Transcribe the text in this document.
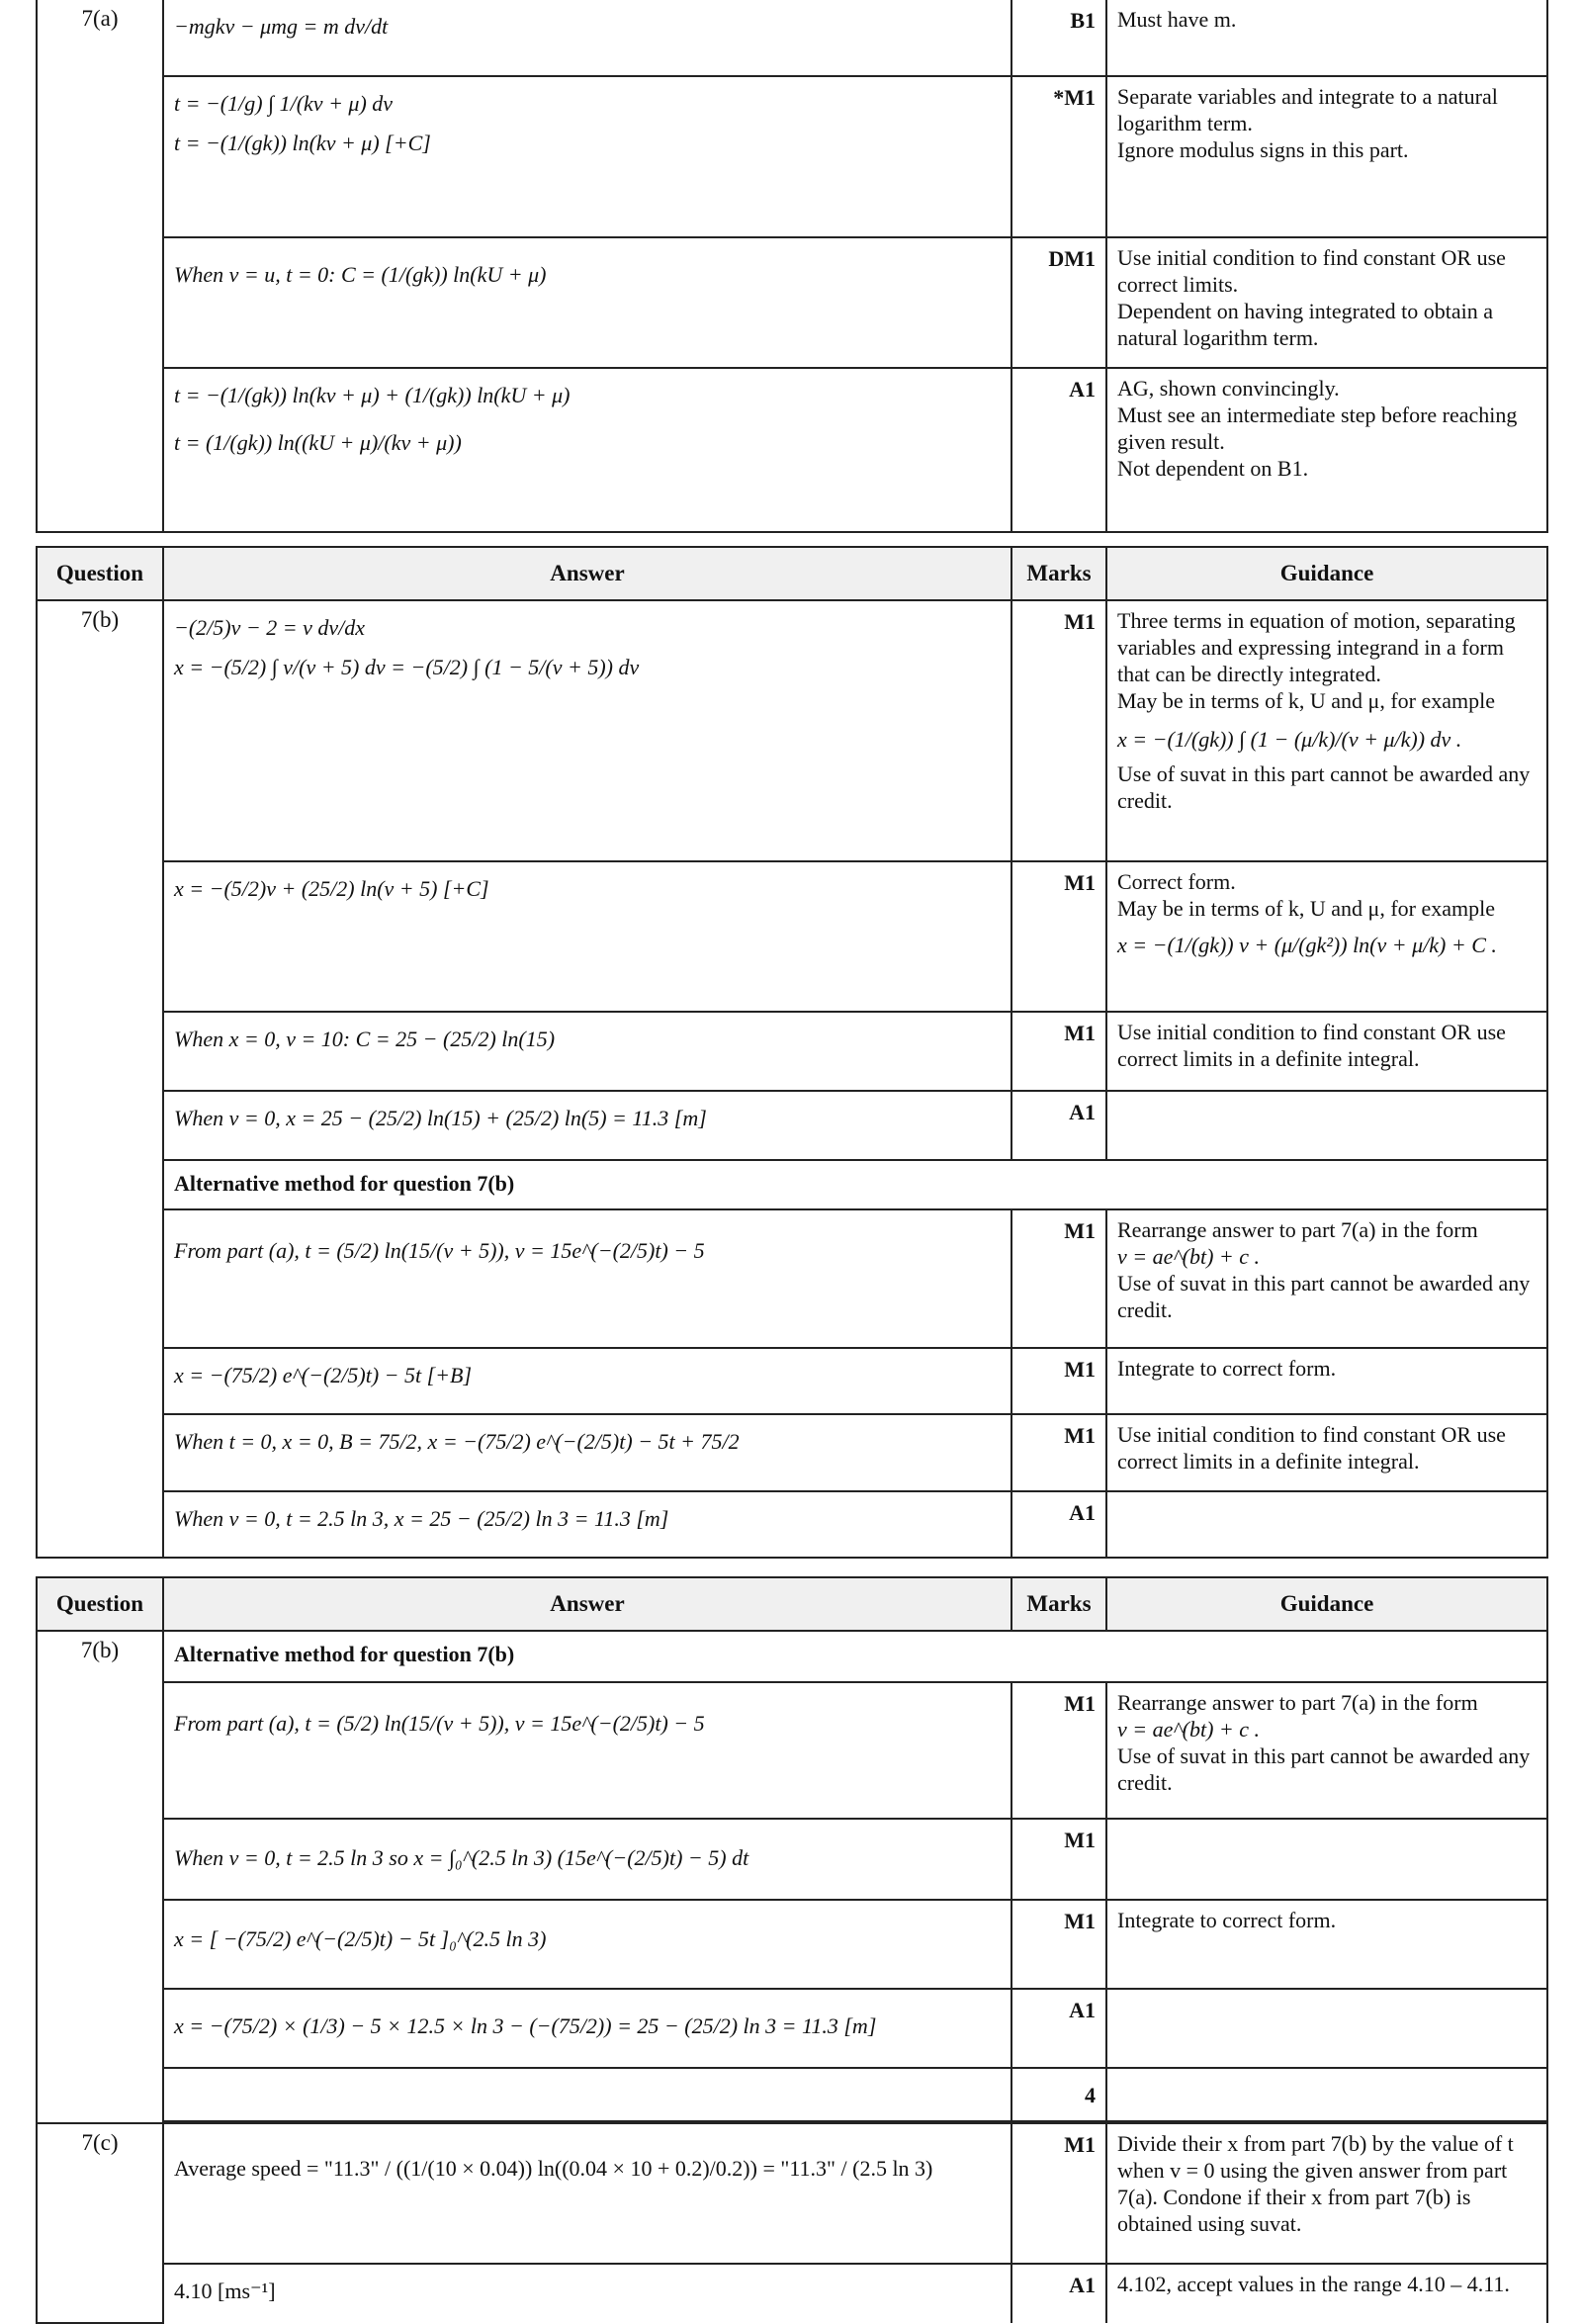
7(a)	−mgkv − μmg = m dv/dt	B1	Must have m.

	t = −(1/g) ∫ 1/(kv + μ) dv
t = −(1/(gk)) ln(kv + μ) [+C]	*M1	Separate variables and integrate to a natural logarithm term.
Ignore modulus signs in this part.

	When v = u, t = 0: C = (1/(gk)) ln(kU + μ)	DM1	Use initial condition to find constant OR use correct limits.
Dependent on having integrated to obtain a natural logarithm term.

	t = −(1/(gk)) ln(kv + μ) + (1/(gk)) ln(kU + μ)
t = (1/(gk)) ln((kU + μ)/(kv + μ))	A1	AG, shown convincingly.
Must see an intermediate step before reaching given result.
Not dependent on B1.
Question	Answer	Marks	Guidance
7(b)	−(2/5)v − 2 = v dv/dx
x = −(5/2) ∫ v/(v + 5) dv = −(5/2) ∫ (1 − 5/(v + 5)) dv	M1	Three terms in equation of motion, separating variables and expressing integrand in a form that can be directly integrated.
May be in terms of k, U and μ, for example
x = −(1/(gk)) ∫ (1 − (μ/k)/(v + μ/k)) dv .
Use of suvat in this part cannot be awarded any credit.

	x = −(5/2)v + (25/2) ln(v + 5) [+C]	M1	Correct form.
May be in terms of k, U and μ, for example
x = −(1/(gk)) v + (μ/(gk²)) ln(v + μ/k) + C .

	When x = 0, v = 10: C = 25 − (25/2) ln(15)	M1	Use initial condition to find constant OR use correct limits in a definite integral.

	When v = 0, x = 25 − (25/2) ln(15) + (25/2) ln(5) = 11.3 [m]	A1	
	Alternative method for question 7(b)		

	From part (a), t = (5/2) ln(15/(v + 5)), v = 15e^(−(2/5)t) − 5	M1	Rearrange answer to part 7(a) in the form
v = ae^(bt) + c .
Use of suvat in this part cannot be awarded any credit.

	x = −(75/2) e^(−(2/5)t) − 5t [+B]	M1	Integrate to correct form.

	When t = 0, x = 0, B = 75/2, x = −(75/2) e^(−(2/5)t) − 5t + 75/2	M1	Use initial condition to find constant OR use correct limits in a definite integral.

	When v = 0, t = 2.5 ln 3, x = 25 − (25/2) ln 3 = 11.3 [m]	A1	
Question	Answer	Marks	Guidance
7(b)	Alternative method for question 7(b)		

	From part (a), t = (5/2) ln(15/(v + 5)), v = 15e^(−(2/5)t) − 5	M1	Rearrange answer to part 7(a) in the form
v = ae^(bt) + c .
Use of suvat in this part cannot be awarded any credit.

	When v = 0, t = 2.5 ln 3 so x = ∫₀^(2.5 ln 3) (15e^(−(2/5)t) − 5) dt	M1	

	x = [ −(75/2) e^(−(2/5)t) − 5t ]₀^(2.5 ln 3)	M1	Integrate to correct form.

	x = −(75/2) × (1/3) − 5 × 12.5 × ln 3 − (−(75/2)) = 25 − (25/2) ln 3 = 11.3 [m]	A1	
		4	

7(c)	Average speed = "11.3" / ((1/(10 × 0.04)) ln((0.04 × 10 + 0.2)/0.2)) = "11.3" / (2.5 ln 3)	M1	Divide their x from part 7(b) by the value of t when v = 0 using the given answer from part 7(a). Condone if their x from part 7(b) is obtained using suvat.

	4.10 [ms⁻¹]	A1	4.102, accept values in the range 4.10 – 4.11.
